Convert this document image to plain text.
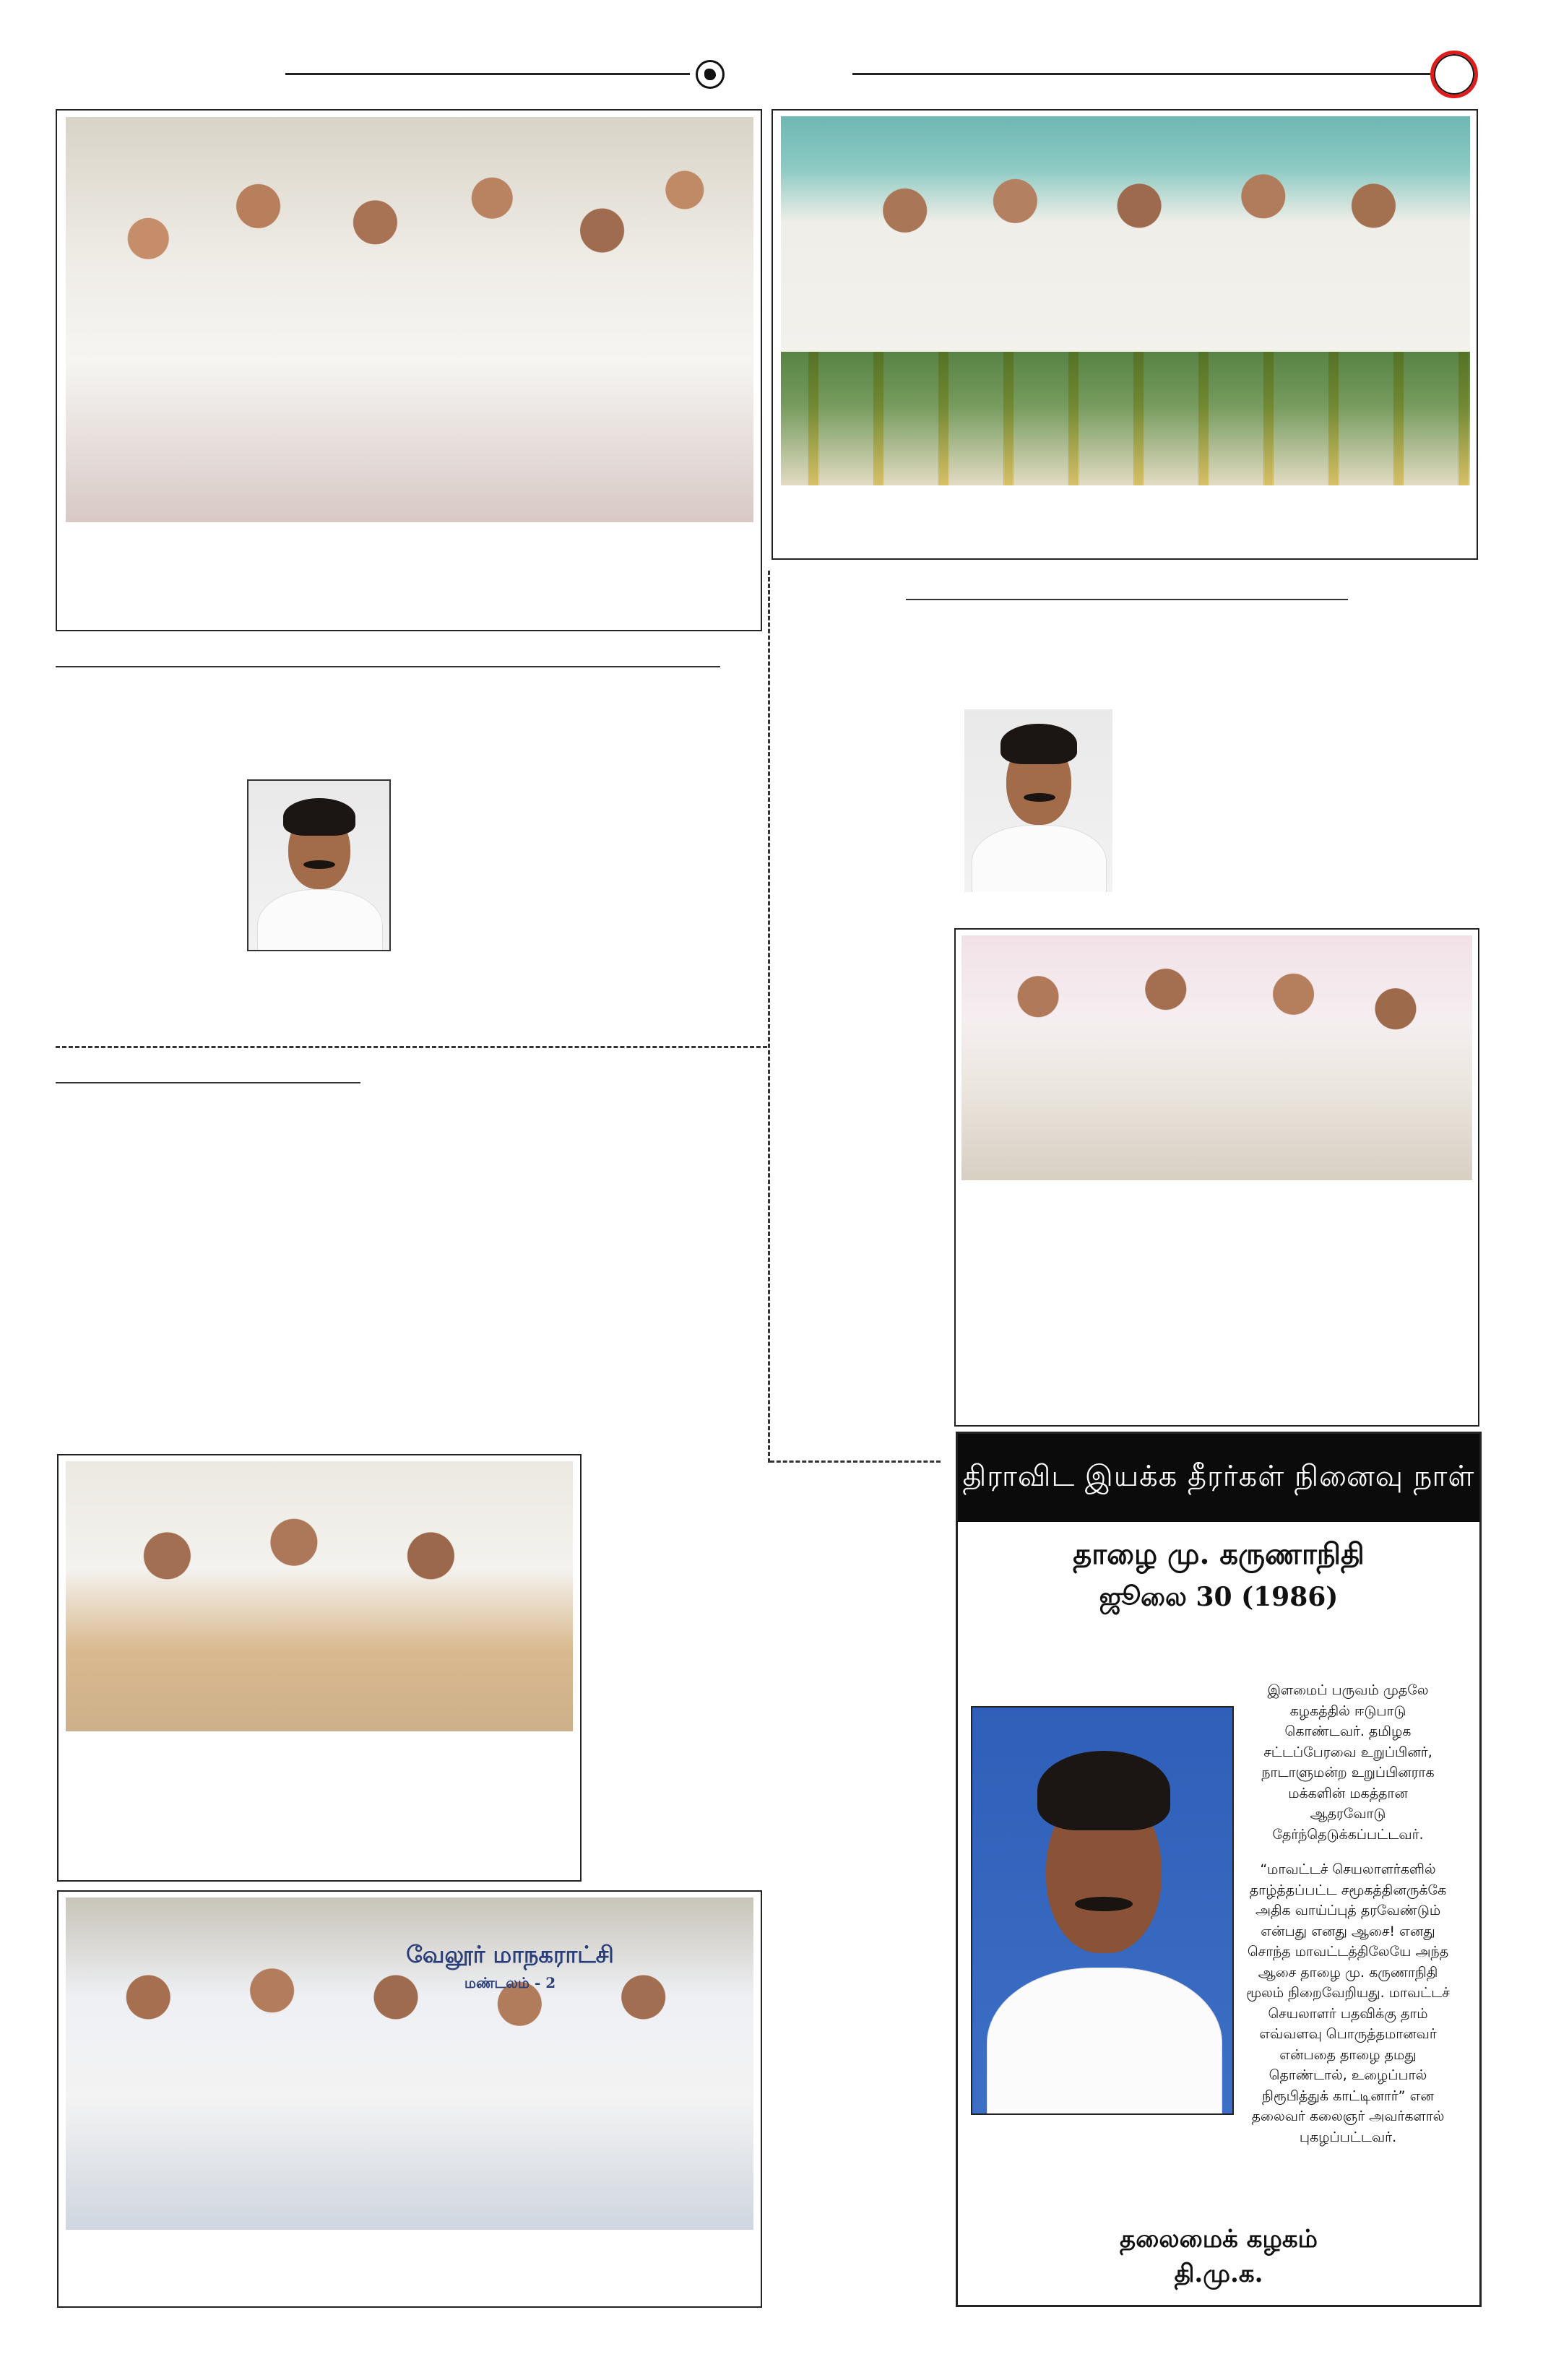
வேலூர் மாநகராட்சி
மண்டலம் - 2
திராவிட இயக்க தீரர்கள் நினைவு நாள்
தாழை மு. கருணாநிதி
ஜூலை 30 (1986)
இளமைப் பருவம் முதலே
கழகத்தில் ஈடுபாடு
கொண்டவர். தமிழக
சட்டப்பேரவை உறுப்பினர்,
நாடாளுமன்ற உறுப்பினராக
மக்களின் மகத்தான
ஆதரவோடு
தேர்ந்தெடுக்கப்பட்டவர்.
“மாவட்டச் செயலாளர்களில்
தாழ்த்தப்பட்ட சமூகத்தினருக்கே
அதிக வாய்ப்புத் தரவேண்டும்
என்பது எனது ஆசை! எனது
சொந்த மாவட்டத்திலேயே அந்த
ஆசை தாழை மு. கருணாநிதி
மூலம் நிறைவேறியது. மாவட்டச்
செயலாளர் பதவிக்கு தாம்
எவ்வளவு பொருத்தமானவர்
என்பதை தாழை தமது
தொண்டால், உழைப்பால்
நிரூபித்துக் காட்டினார்” என
தலைவர் கலைஞர் அவர்களால்
புகழப்பட்டவர்.
தலைமைக் கழகம்
தி.மு.க.
